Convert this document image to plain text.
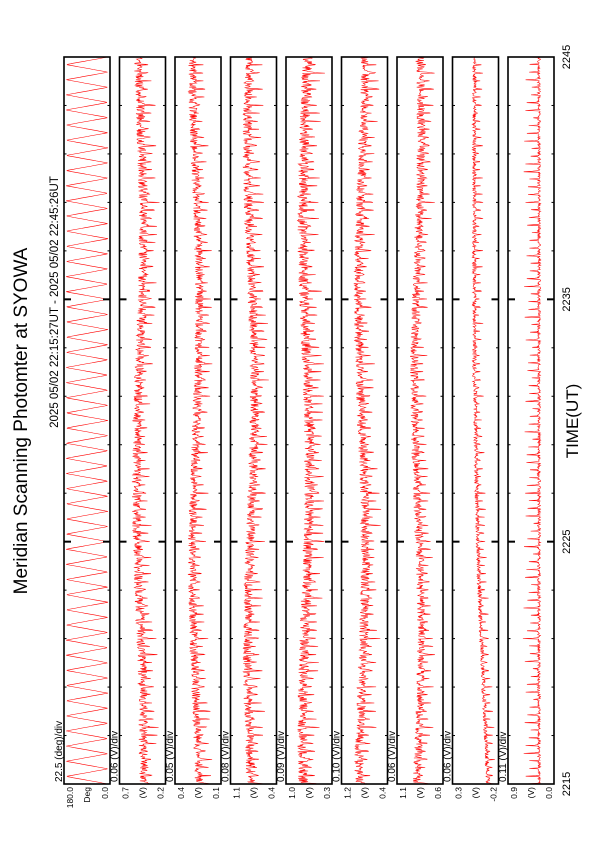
Meridian Scanning Photomter at SYOWA 2025 05/02 22:15:27UT - 2025 05/02 22:45:26UT	TIME(UT)
180.0 Deg 0.0
22.5 (deg)/div
0.7 (V) 0.2
0.06 (V)/div
0.4 (V) 0.1
0.05 (V)/div
1.1 (V) 0.4
0.08 (V)/div
1.0 (V) 0.3
0.09 (V)/div
1.2 (V) 0.4
0.10 (V)/div
1.1 (V) 0.6
0.06 (V)/div
0.3 (V) -0.2
0.06 (V)/div
0.9 (V) 0.0
0.11 (V)/div
2215
2225
2235
2245
